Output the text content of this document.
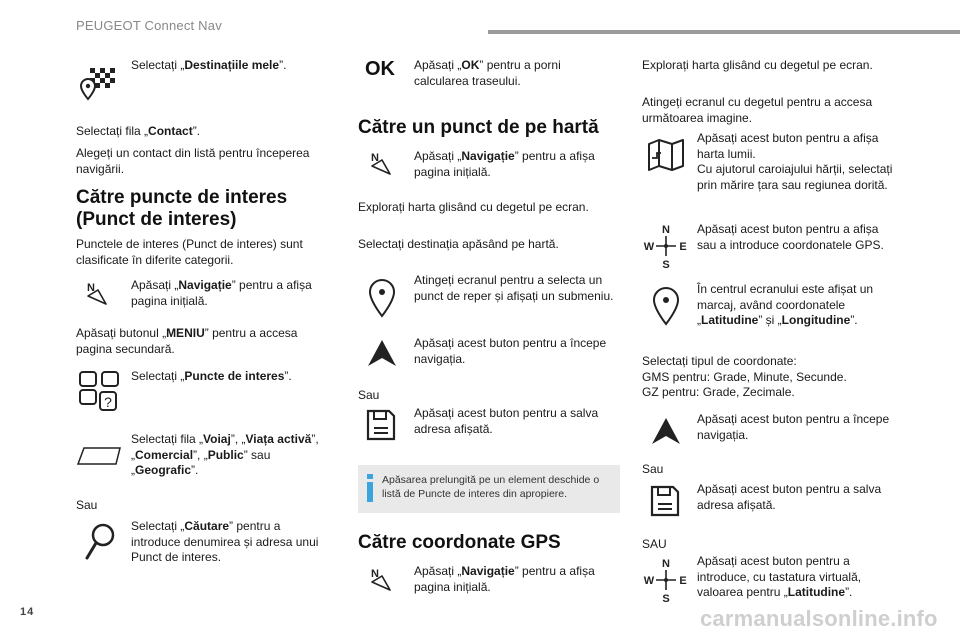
PEUGEOT Connect Nav
Selectați „Destinațiile mele”.
Selectați fila „Contact”.
Alegeți un contact din listă pentru începerea navigării.
Către puncte de interes
(Punct de interes)
Punctele de interes (Punct de interes) sunt clasificate în diferite categorii.
N	Apăsați „Navigație” pentru a afișa pagina inițială.
Apăsați butonul „MENIU” pentru a accesa pagina secundară.
?
Selectați „Puncte de interes”.
Selectați fila „Voiaj”, „Viața activă”, „Comercial”, „Public” sau „Geografic”.
Sau
Selectați „Căutare” pentru a introduce denumirea și adresa unui Punct de interes.
OK Apăsați „OK” pentru a porni calcularea traseului.
Către un punct de pe hartă
N	Apăsați „Navigație” pentru a afișa pagina inițială.
Explorați harta glisând cu degetul pe ecran.
Selectați destinația apăsând pe hartă.
Atingeți ecranul pentru a selecta un punct de reper și afișați un submeniu.
Apăsați acest buton pentru a începe navigația.
Sau
Apăsați acest buton pentru a salva adresa afișată.
Apăsarea prelungită pe un element deschide o listă de Puncte de interes din apropiere.
Către coordonate GPS
N	Apăsați „Navigație” pentru a afișa pagina inițială.
Explorați harta glisând cu degetul pe ecran.
Atingeți ecranul cu degetul pentru a accesa următoarea imagine.
Apăsați acest buton pentru a afișa harta lumii.
Cu ajutorul caroiajului hărții, selectați prin mărire țara sau regiunea dorită.
N
S
W E
Apăsați acest buton pentru a afișa sau a introduce coordonatele GPS.
În centrul ecranului este afișat un marcaj, având coordonatele „Latitudine” și „Longitudine”.
Selectați tipul de coordonate:
GMS pentru: Grade, Minute, Secunde.
GZ pentru: Grade, Zecimale.
Apăsați acest buton pentru a începe navigația.
Sau
Apăsați acest buton pentru a salva adresa afișată.
SAU
N
S
W E
Apăsați acest buton pentru a introduce, cu tastatura virtuală, valoarea pentru „Latitudine”.
14	carmanualsonline.info
